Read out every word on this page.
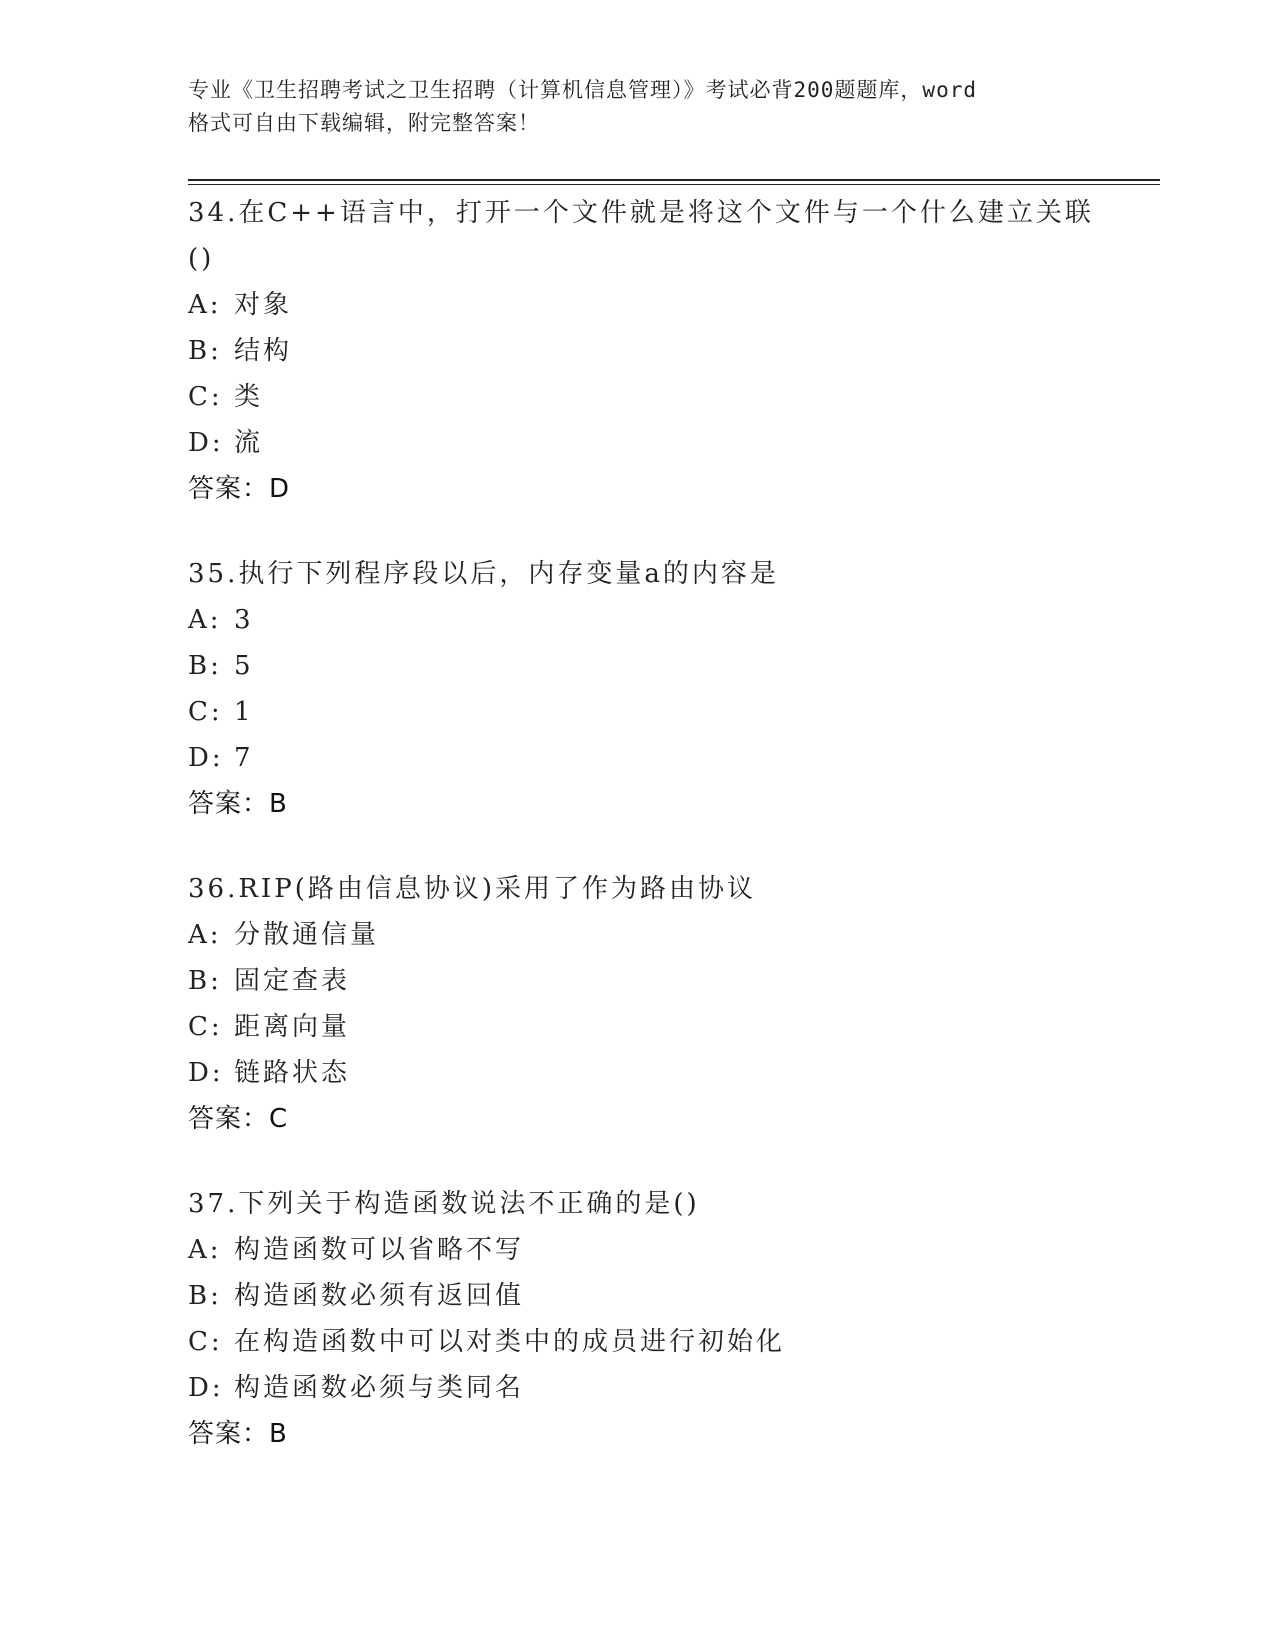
专业《卫生招聘考试之卫生招聘（计算机信息管理）》考试必背200题题库，word
格式可自由下载编辑，附完整答案！
34.在C++语言中，打开一个文件就是将这个文件与一个什么建立关联
()
A: 对象
B: 结构
C: 类
D: 流
答案：D
35.执行下列程序段以后，内存变量a的内容是
A: 3
B: 5
C: 1
D: 7
答案：B
36.RIP(路由信息协议)采用了作为路由协议
A: 分散通信量
B: 固定查表
C: 距离向量
D: 链路状态
答案：C
37.下列关于构造函数说法不正确的是()
A: 构造函数可以省略不写
B: 构造函数必须有返回值
C: 在构造函数中可以对类中的成员进行初始化
D: 构造函数必须与类同名
答案：B
